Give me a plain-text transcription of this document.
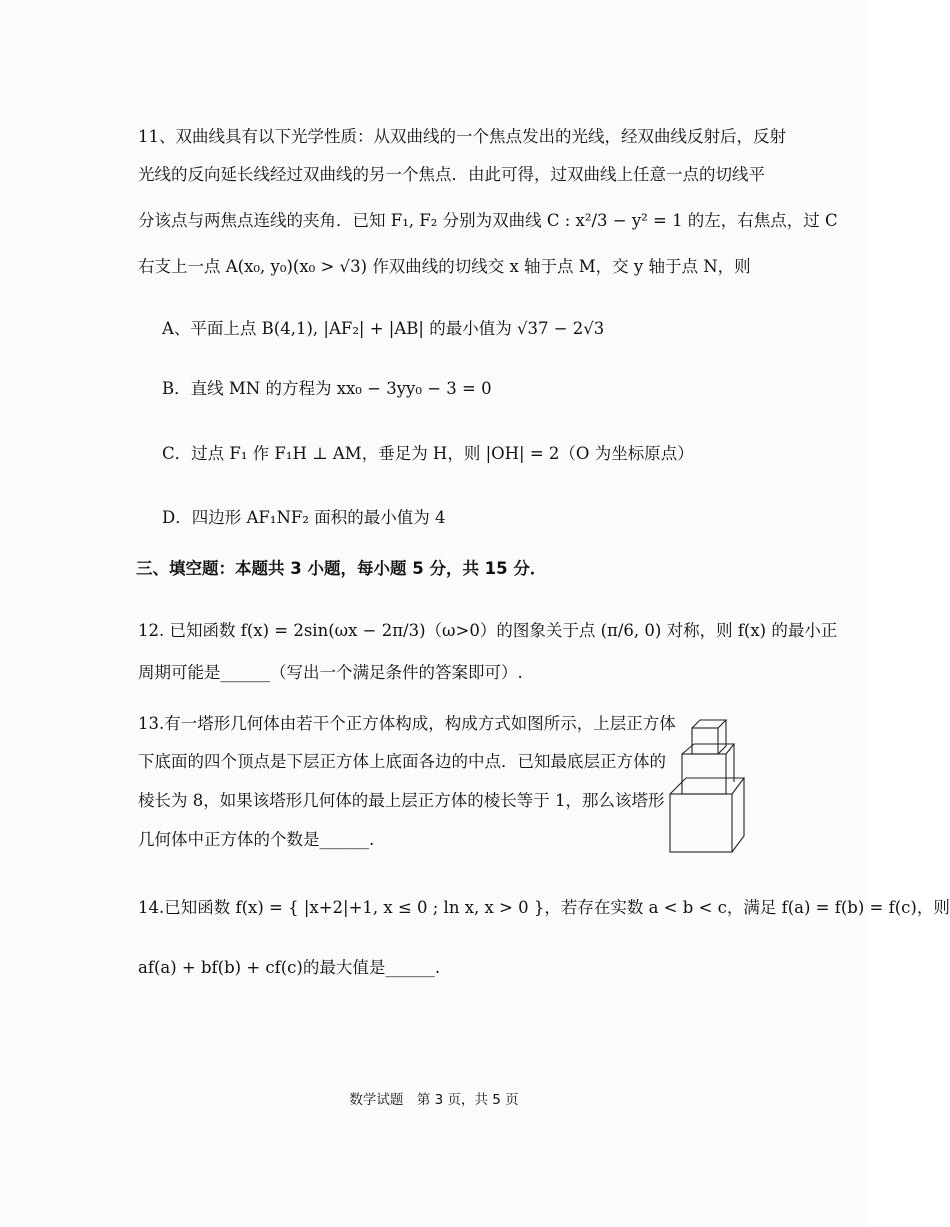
11、双曲线具有以下光学性质：从双曲线的一个焦点发出的光线，经双曲线反射后，反射
光线的反向延长线经过双曲线的另一个焦点．由此可得，过双曲线上任意一点的切线平
分该点与两焦点连线的夹角．已知 F₁, F₂ 分别为双曲线 C : x²/3 − y² = 1 的左，右焦点，过 C
右支上一点 A(x₀, y₀)(x₀ > √3) 作双曲线的切线交 x 轴于点 M，交 y 轴于点 N，则
A、平面上点 B(4,1), |AF₂| + |AB| 的最小值为 √37 − 2√3
B．直线 MN 的方程为 xx₀ − 3yy₀ − 3 = 0
C．过点 F₁ 作 F₁H ⊥ AM，垂足为 H，则 |OH| = 2（O 为坐标原点）
D．四边形 AF₁NF₂ 面积的最小值为 4
三、填空题：本题共 3 小题，每小题 5 分，共 15 分．
12. 已知函数 f(x) = 2sin(ωx − 2π/3)（ω>0）的图象关于点 (π/6, 0) 对称，则 f(x) 的最小正
周期可能是______（写出一个满足条件的答案即可）.
13.有一塔形几何体由若干个正方体构成，构成方式如图所示，上层正方体
下底面的四个顶点是下层正方体上底面各边的中点．已知最底层正方体的
棱长为 8，如果该塔形几何体的最上层正方体的棱长等于 1，那么该塔形
几何体中正方体的个数是______.
14.已知函数 f(x) = { |x+2|+1, x ≤ 0 ; ln x, x > 0 }，若存在实数 a < b < c，满足 f(a) = f(b) = f(c)，则
af(a) + bf(b) + cf(c)的最大值是______.
数学试题　第 3 页，共 5 页
